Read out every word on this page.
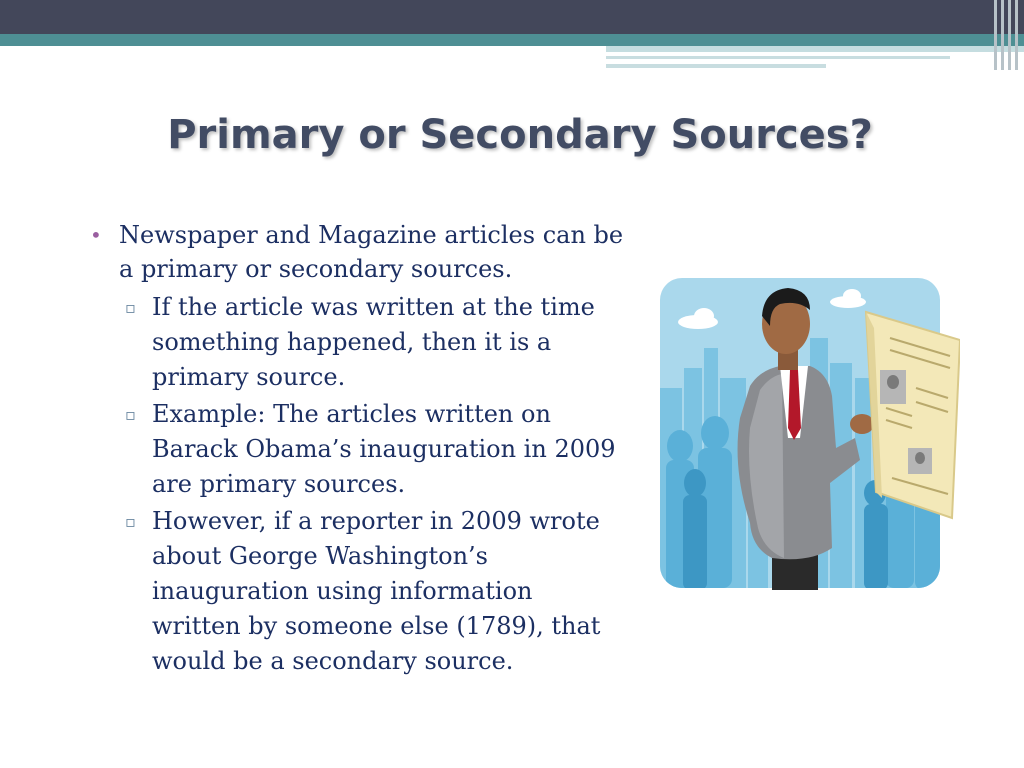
Primary or Secondary Sources?
• Newspaper and Magazine articles can be a primary or secondary sources.
▫ If the article was written at the time something happened, then it is a primary source.
▫ Example: The articles written on Barack Obama’s inauguration in 2009 are primary sources.
▫ However, if a reporter in 2009 wrote about George Washington’s inauguration using information written by someone else (1789), that would be a secondary source.
